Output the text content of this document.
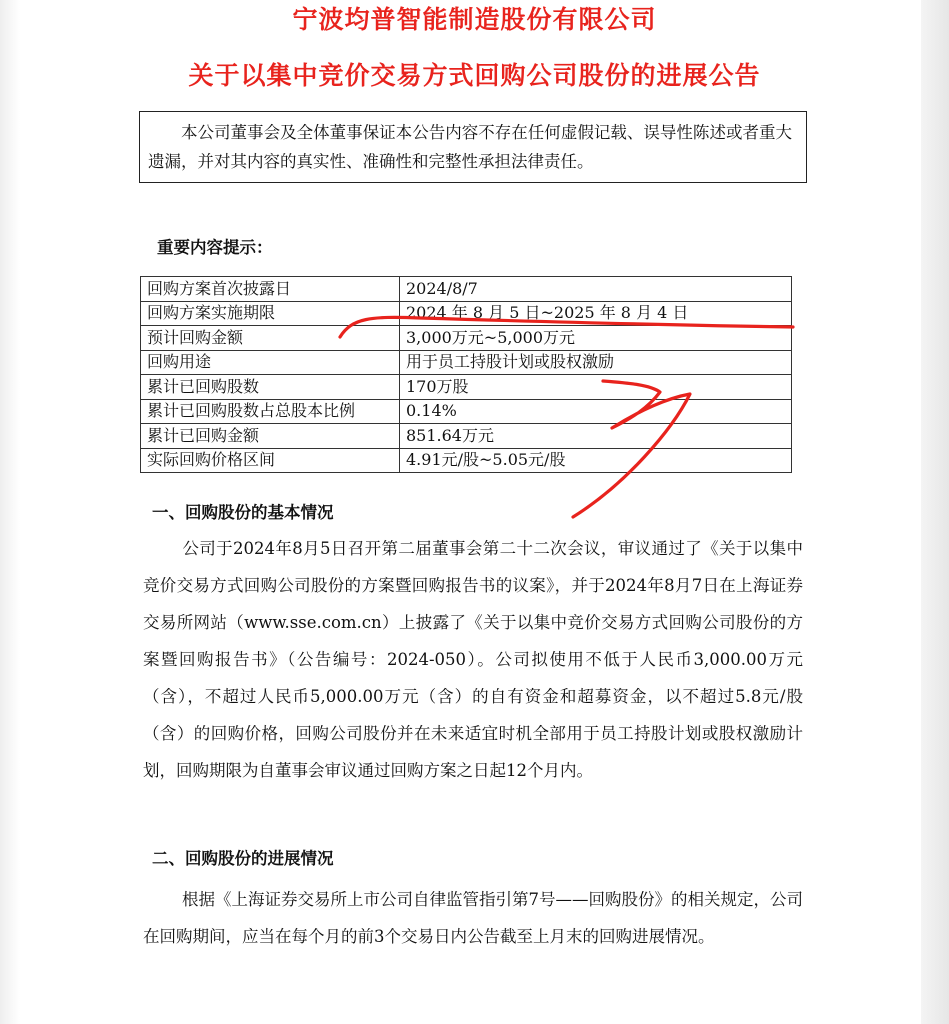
宁波均普智能制造股份有限公司
关于以集中竞价交易方式回购公司股份的进展公告
本公司董事会及全体董事保证本公告内容不存在任何虚假记载、误导性陈述或者重大遗漏，并对其内容的真实性、准确性和完整性承担法律责任。
重要内容提示：
回购方案首次披露日	2024/8/7
回购方案实施期限	2024 年 8 月 5 日~2025 年 8 月 4 日
预计回购金额	3,000万元~5,000万元
回购用途	用于员工持股计划或股权激励
累计已回购股数	170万股
累计已回购股数占总股本比例	0.14%
累计已回购金额	851.64万元
实际回购价格区间	4.91元/股~5.05元/股
一、回购股份的基本情况
公司于2024年8月5日召开第二届董事会第二十二次会议，审议通过了《关于以集中竞价交易方式回购公司股份的方案暨回购报告书的议案》，并于2024年8月7日在上海证券交易所网站（www.sse.com.cn）上披露了《关于以集中竞价交易方式回购公司股份的方案暨回购报告书》（公告编号：2024-050）。公司拟使用不低于人民币3,000.00万元（含），不超过人民币5,000.00万元（含）的自有资金和超募资金，以不超过5.8元/股（含）的回购价格，回购公司股份并在未来适宜时机全部用于员工持股计划或股权激励计划，回购期限为自董事会审议通过回购方案之日起12个月内。
二、回购股份的进展情况
根据《上海证券交易所上市公司自律监管指引第7号——回购股份》的相关规定，公司在回购期间，应当在每个月的前3个交易日内公告截至上月末的回购进展情况。
